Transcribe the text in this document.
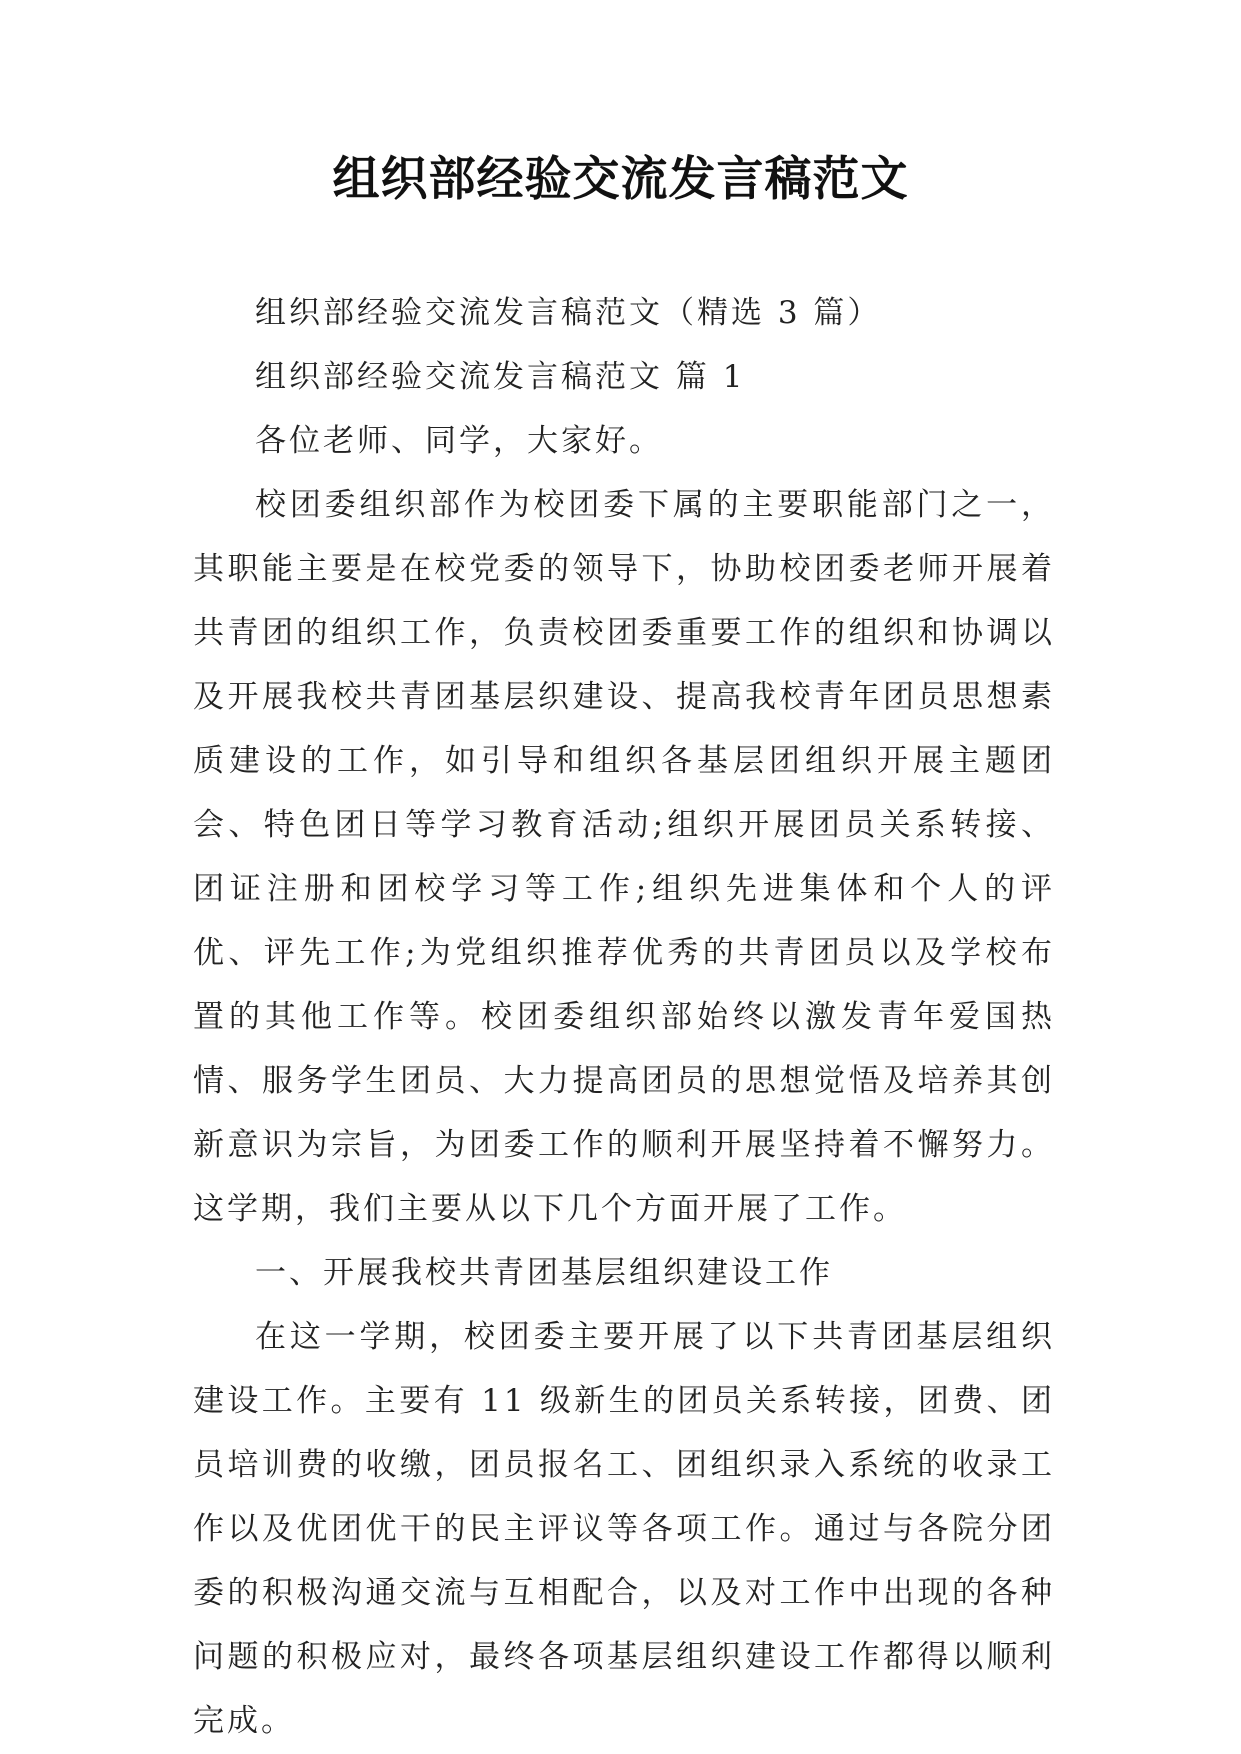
组织部经验交流发言稿范文

组织部经验交流发言稿范文（精选 3 篇）

组织部经验交流发言稿范文 篇 1

各位老师、同学，大家好。

校团委组织部作为校团委下属的主要职能部门之一，其职能主要是在校党委的领导下，协助校团委老师开展着共青团的组织工作，负责校团委重要工作的组织和协调以及开展我校共青团基层织建设、提高我校青年团员思想素质建设的工作，如引导和组织各基层团组织开展主题团会、特色团日等学习教育活动;组织开展团员关系转接、团证注册和团校学习等工作;组织先进集体和个人的评优、评先工作;为党组织推荐优秀的共青团员以及学校布置的其他工作等。校团委组织部始终以激发青年爱国热情、服务学生团员、大力提高团员的思想觉悟及培养其创新意识为宗旨，为团委工作的顺利开展坚持着不懈努力。这学期，我们主要从以下几个方面开展了工作。

一、开展我校共青团基层组织建设工作

在这一学期，校团委主要开展了以下共青团基层组织建设工作。主要有 11 级新生的团员关系转接，团费、团员培训费的收缴，团员报名工、团组织录入系统的收录工作以及优团优干的民主评议等各项工作。通过与各院分团委的积极沟通交流与互相配合，以及对工作中出现的各种问题的积极应对，最终各项基层组织建设工作都得以顺利完成。
